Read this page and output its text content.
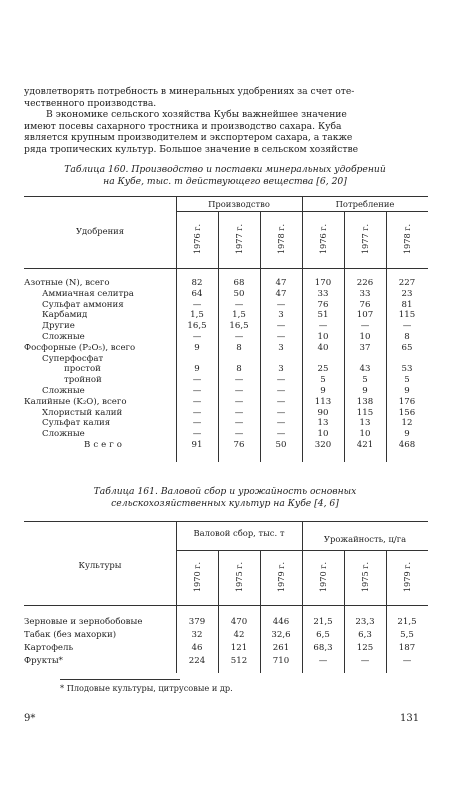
удовлетворять потребность в минеральных удобрениях за счет оте-
чественного производства.
В экономике сельского хозяйства Кубы важнейшее значение
имеют посевы сахарного тростника и производство сахара. Куба
является крупным производителем и экспортером сахара, а также
ряда тропических культур. Большое значение в сельском хозяйстве
Таблица 160. Производство и поставки минеральных удобрений
на Кубе, тыс. т действующего вещества [6, 20]
Удобрения
Производство	Потребление
1976 г.	1977 г.	1978 г.	1976 г.	1977 г.	1978 г.
Азотные (N), всего	82	68	47	170	226	227
Аммиачная селитра	64	50	47	33	33	23
Сульфат аммония	—	—	—	76	76	81
Карбамид	1,5	1,5	3	51	107	115
Другие	16,5	16,5	—	—	—	—
Сложные	—	—	—	10	10	8
Фосфорные (P₂O₅), всего	9	8	3	40	37	65
Суперфосфат						
простой	9	8	3	25	43	53
тройной	—	—	—	5	5	5
Сложные	—	—	—	9	9	9
Калийные (K₂O), всего	—	—	—	113	138	176
Хлористый калий	—	—	—	90	115	156
Сульфат калия	—	—	—	13	13	12
Сложные	—	—	—	10	10	9
Всего	91	76	50	320	421	468
Таблица 161. Валовой сбор и урожайность основных
сельскохозяйственных культур на Кубе [4, 6]
Культуры
Валовой сбор, тыс. т
Урожайность, ц/га
1970 г.	1975 г.	1979 г.	1970 г.	1975 г.	1979 г.
Зерновые и зернобобовые	379	470	446	21,5	23,3	21,5
Табак (без махорки)	32	42	32,6	6,5	6,3	5,5
Картофель	46	121	261	68,3	125	187
Фрукты*	224	512	710	—	—	—
* Плодовые культуры, цитрусовые и др.
9*	131
